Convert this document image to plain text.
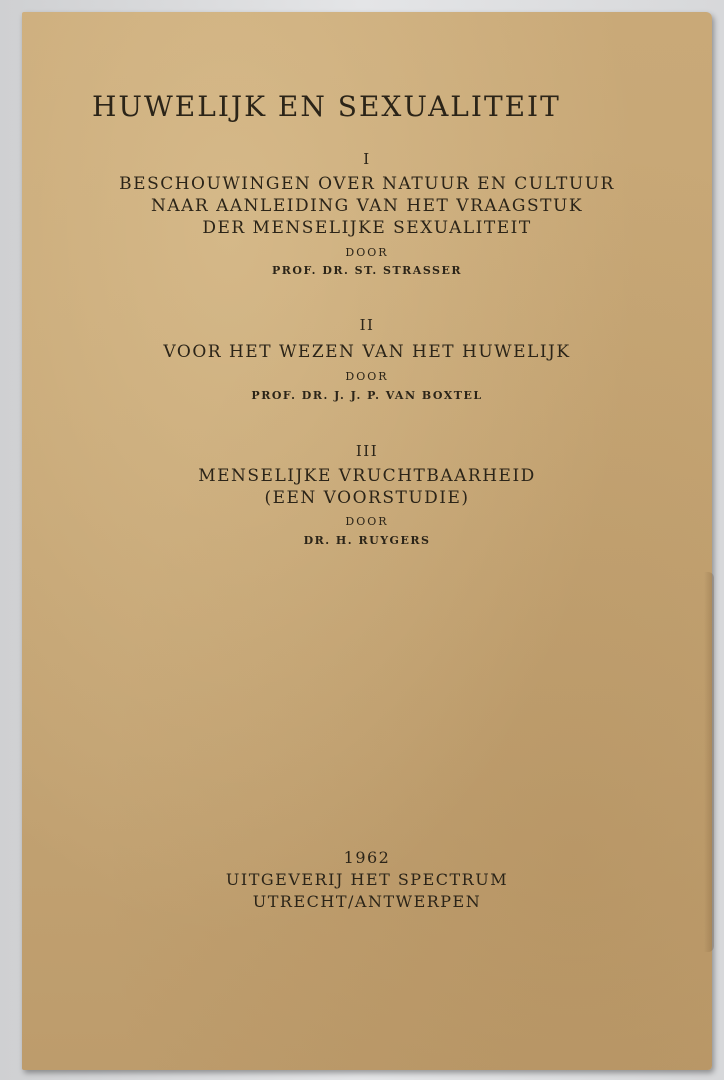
HUWELIJK EN SEXUALITEIT
I
BESCHOUWINGEN OVER NATUUR EN CULTUUR
NAAR AANLEIDING VAN HET VRAAGSTUK
DER MENSELIJKE SEXUALITEIT
DOOR
PROF. DR. ST. STRASSER
II
VOOR HET WEZEN VAN HET HUWELIJK
DOOR
PROF. DR. J. J. P. VAN BOXTEL
III
MENSELIJKE VRUCHTBAARHEID
(EEN VOORSTUDIE)
DOOR
DR. H. RUYGERS
1962
UITGEVERIJ HET SPECTRUM
UTRECHT/ANTWERPEN
